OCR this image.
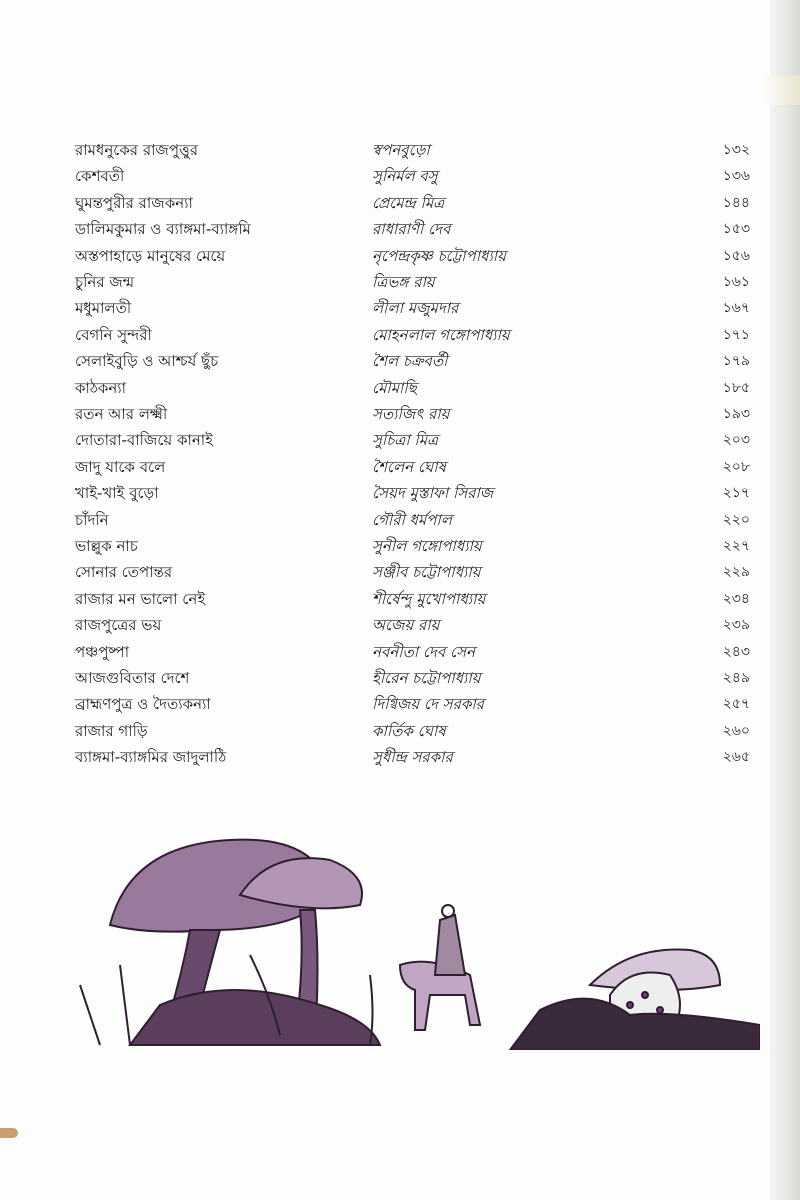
রামধনুকের রাজপুত্তুর	স্বপনবুড়ো	১৩২
কেশবতী	সুনির্মল বসু	১৩৬
ঘুমন্তপুরীর রাজকন্যা	প্রেমেন্দ্র মিত্র	১৪৪
ডালিমকুমার ও ব্যাঙ্গমা-ব্যাঙ্গমি	রাধারাণী দেব	১৫৩
অস্তপাহাড়ে মানুষের মেয়ে	নৃপেন্দ্রকৃষ্ণ চট্টোপাধ্যায়	১৫৬
চুনির জন্ম	ত্রিভঙ্গ রায়	১৬১
মধুমালতী	লীলা মজুমদার	১৬৭
বেগনি সুন্দরী	মোহনলাল গঙ্গোপাধ্যায়	১৭১
সেলাইবুড়ি ও আশ্চর্য ছুঁচ	শৈল চক্রবর্তী	১৭৯
কাঠকন্যা	মৌমাছি	১৮৫
রতন আর লক্ষ্মী	সত্যজিৎ রায়	১৯৩
দোতারা-বাজিয়ে কানাই	সুচিত্রা মিত্র	২০৩
জাদু যাকে বলে	শৈলেন ঘোষ	২০৮
খাই-খাই বুড়ো	সৈয়দ মুস্তাফা সিরাজ	২১৭
চাঁদনি	গৌরী ধর্মপাল	২২০
ভাল্লুক নাচ	সুনীল গঙ্গোপাধ্যায়	২২৭
সোনার তেপান্তর	সঞ্জীব চট্টোপাধ্যায়	২২৯
রাজার মন ভালো নেই	শীর্ষেন্দু মুখোপাধ্যায়	২৩৪
রাজপুত্রের ভয়	অজেয় রায়	২৩৯
পঞ্চপুষ্পা	নবনীতা দেব সেন	২৪৩
আজগুবিতার দেশে	হীরেন চট্টোপাধ্যায়	২৪৯
ব্রাহ্মণপুত্র ও দৈত্যকন্যা	দিগ্বিজয় দে সরকার	২৫৭
রাজার গাড়ি	কার্তিক ঘোষ	২৬০
ব্যাঙ্গমা-ব্যাঙ্গমির জাদুলাঠি	সুধীন্দ্র সরকার	২৬৫
